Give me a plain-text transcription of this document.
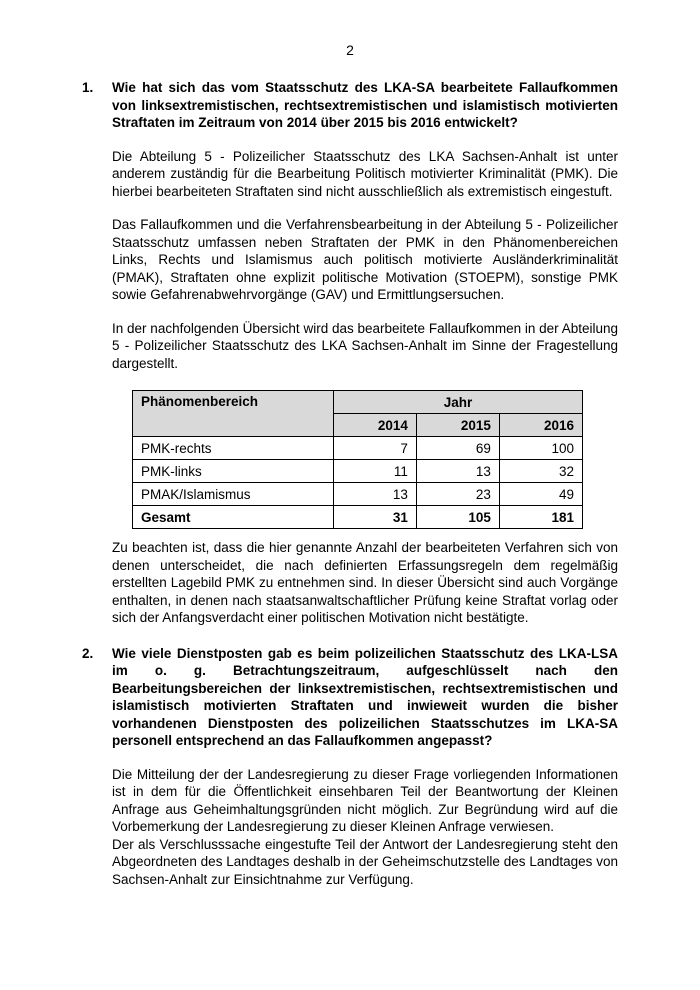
2
1.	Wie hat sich das vom Staatsschutz des LKA-SA bearbeitete Fallaufkommen von linksextremistischen, rechtsextremistischen und islamistisch motivierten Straftaten im Zeitraum von 2014 über 2015 bis 2016 entwickelt?
Die Abteilung 5 - Polizeilicher Staatsschutz des LKA Sachsen-Anhalt ist unter anderem zuständig für die Bearbeitung Politisch motivierter Kriminalität (PMK). Die hierbei bearbeiteten Straftaten sind nicht ausschließlich als extremistisch eingestuft.
Das Fallaufkommen und die Verfahrensbearbeitung in der Abteilung 5 - Polizeilicher Staatsschutz umfassen neben Straftaten der PMK in den Phänomenbereichen Links, Rechts und Islamismus auch politisch motivierte Ausländerkriminalität (PMAK), Straftaten ohne explizit politische Motivation (STOEPM), sonstige PMK sowie Gefahrenabwehrvorgänge (GAV) und Ermittlungsersuchen.
In der nachfolgenden Übersicht wird das bearbeitete Fallaufkommen in der Abteilung 5 - Polizeilicher Staatsschutz des LKA Sachsen-Anhalt im Sinne der Fragestellung dargestellt.
Phänomenbereich	Jahr		
	2014	2015	2016
PMK-rechts	7	69	100
PMK-links	11	13	32
PMAK/Islamismus	13	23	49
Gesamt	31	105	181
Zu beachten ist, dass die hier genannte Anzahl der bearbeiteten Verfahren sich von denen unterscheidet, die nach definierten Erfassungsregeln dem regelmäßig erstellten Lagebild PMK zu entnehmen sind. In dieser Übersicht sind auch Vorgänge enthalten, in denen nach staatsanwaltschaftlicher Prüfung keine Straftat vorlag oder sich der Anfangsverdacht einer politischen Motivation nicht bestätigte.
2.	Wie viele Dienstposten gab es beim polizeilichen Staatsschutz des LKA-LSA im o. g. Betrachtungszeitraum, aufgeschlüsselt nach den Bearbeitungsbereichen der linksextremistischen, rechtsextremistischen und islamistisch motivierten Straftaten und inwieweit wurden die bisher vorhandenen Dienstposten des polizeilichen Staatsschutzes im LKA-SA personell entsprechend an das Fallaufkommen angepasst?
Die Mitteilung der der Landesregierung zu dieser Frage vorliegenden Informationen ist in dem für die Öffentlichkeit einsehbaren Teil der Beantwortung der Kleinen Anfrage aus Geheimhaltungsgründen nicht möglich. Zur Begründung wird auf die Vorbemerkung der Landesregierung zu dieser Kleinen Anfrage verwiesen.
Der als Verschlusssache eingestufte Teil der Antwort der Landesregierung steht den Abgeordneten des Landtages deshalb in der Geheimschutzstelle des Landtages von Sachsen-Anhalt zur Einsichtnahme zur Verfügung.
